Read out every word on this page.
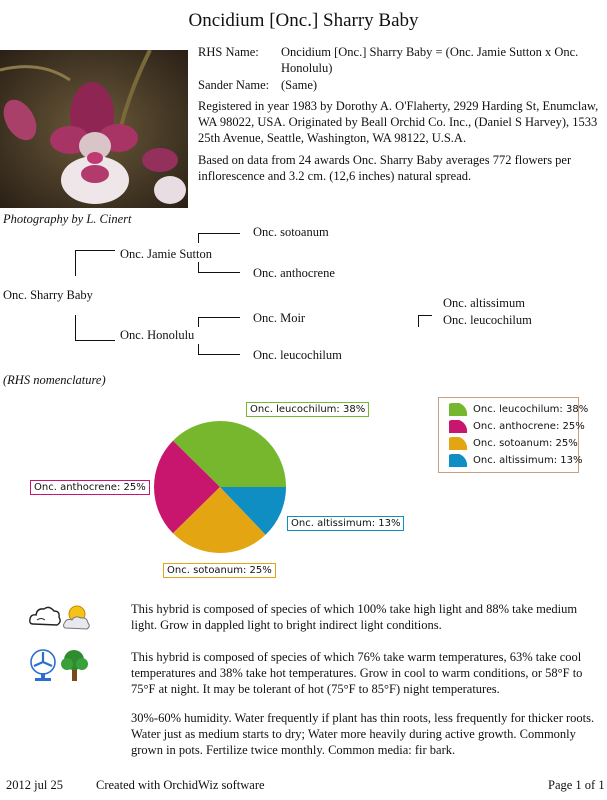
Oncidium [Onc.] Sharry Baby
RHS Name: Oncidium [Onc.] Sharry Baby = (Onc. Jamie Sutton x Onc. Honolulu)
Sander Name: (Same)
Registered in year 1983 by Dorothy A. O'Flaherty, 2929 Harding St, Enumclaw, WA 98022, USA. Originated by Beall Orchid Co. Inc., (Daniel S Harvey), 1533 25th Avenue, Seattle, Washington, WA 98122, U.S.A.
Based on data from 24 awards Onc. Sharry Baby averages 772 flowers per inflorescence and 3.2 cm. (12,6 inches) natural spread.
Photography by L. Cinert
Onc. sotoanum
Onc. Jamie Sutton
Onc. anthocrene
Onc. Sharry Baby
Onc. altissimum
Onc. Moir	Onc. leucochilum
Onc. Honolulu
Onc. leucochilum
(RHS nomenclature)
Onc. leucochilum: 38%
Onc. anthocrene: 25%
Onc. sotoanum: 25%
Onc. altissimum: 13%
Onc. leucochilum: 38%
Onc. anthocrene: 25%
Onc. sotoanum: 25%
Onc. altissimum: 13%
This hybrid is composed of species of which 100% take high light and 88% take medium light. Grow in dappled light to bright indirect light conditions.
This hybrid is composed of species of which 76% take warm temperatures, 63% take cool temperatures and 38% take hot temperatures. Grow in cool to warm conditions, or 58°F to 75°F at night. It may be tolerant of hot (75°F to 85°F) night temperatures.
30%-60% humidity. Water frequently if plant has thin roots, less frequently for thicker roots. Water just as medium starts to dry; Water more heavily during active growth. Commonly grown in pots. Fertilize twice monthly. Common media: fir bark.
2012 jul 25	Created with OrchidWiz software	Page 1 of 1
